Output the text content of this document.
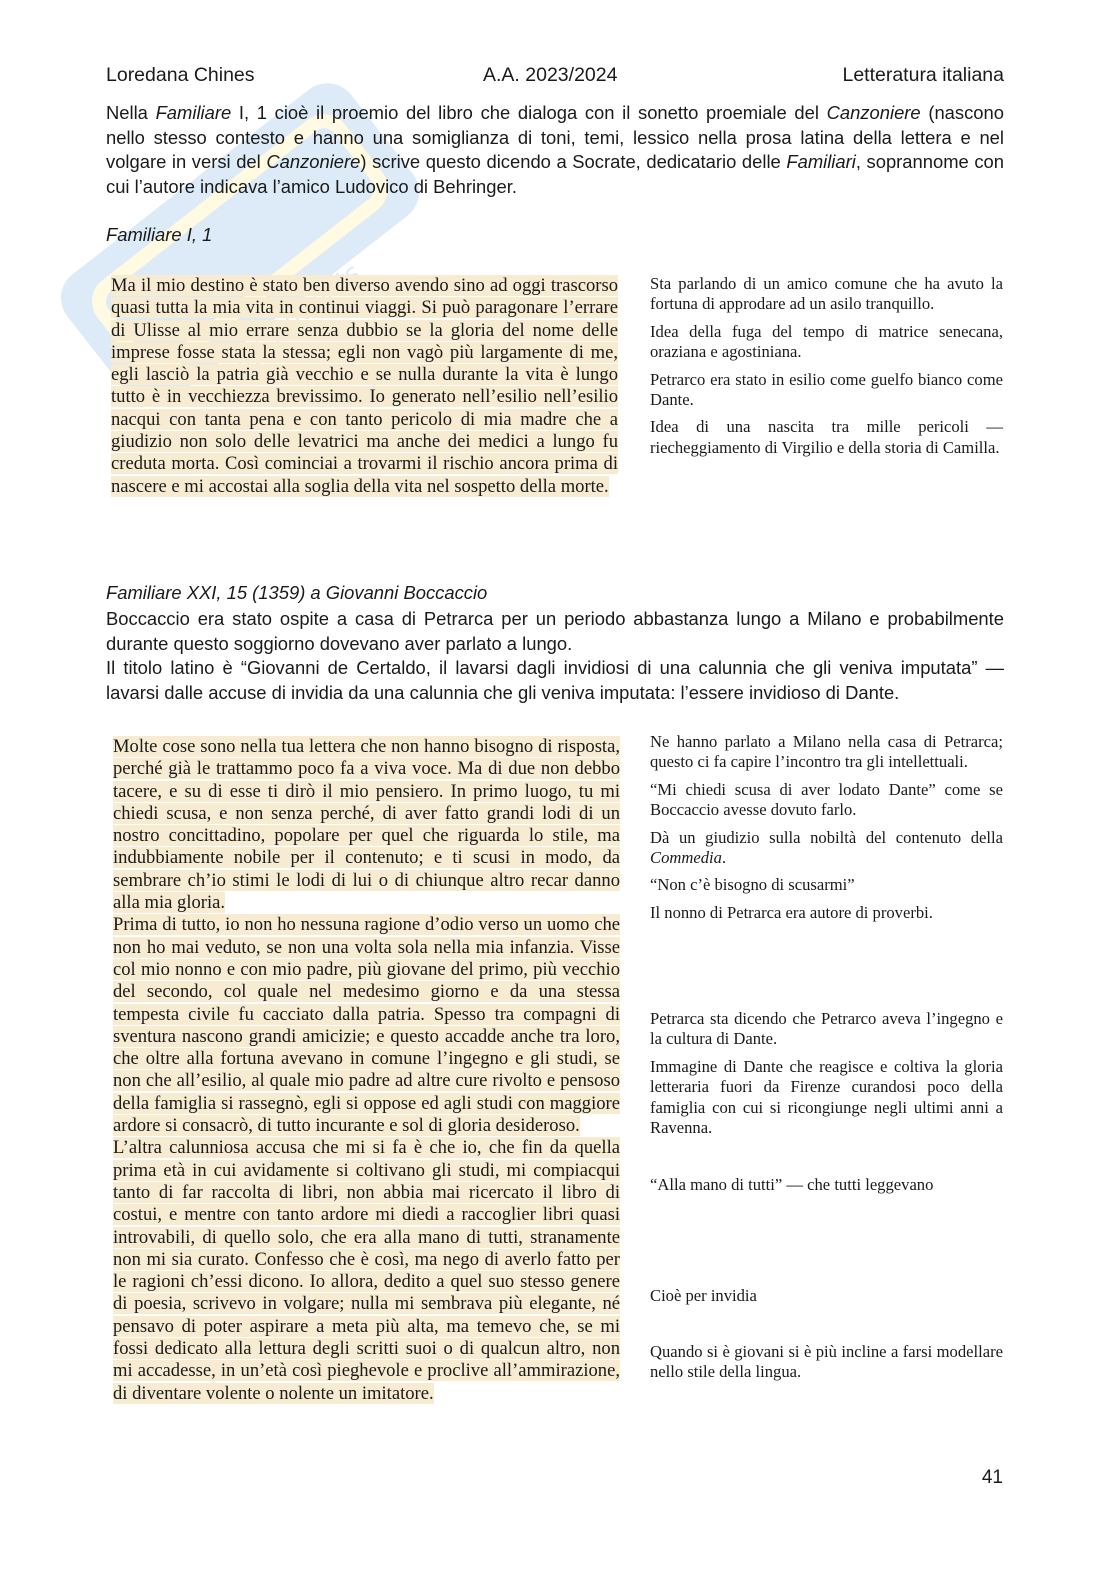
Loredana Chines	A.A. 2023/2024	Letteratura italiana
Nella Familiare I, 1 cioè il proemio del libro che dialoga con il sonetto proemiale del Canzoniere (nascono nello stesso contesto e hanno una somiglianza di toni, temi, lessico nella prosa latina della lettera e nel volgare in versi del Canzoniere) scrive questo dicendo a Socrate, dedicatario delle Familiari, soprannome con cui l’autore indicava l’amico Ludovico di Behringer.
Familiare I, 1
Ma il mio destino è stato ben diverso avendo sino ad oggi trascorso quasi tutta la mia vita in continui viaggi. Si può paragonare l’errare di Ulisse al mio errare senza dubbio se la gloria del nome delle imprese fosse stata la stessa; egli non vagò più largamente di me, egli lasciò la patria già vecchio e se nulla durante la vita è lungo tutto è in vecchiezza brevissimo. Io generato nell’esilio nell’esilio nacqui con tanta pena e con tanto pericolo di mia madre che a giudizio non solo delle levatrici ma anche dei medici a lungo fu creduta morta. Così cominciai a trovarmi il rischio ancora prima di nascere e mi accostai alla soglia della vita nel sospetto della morte.

Sta parlando di un amico comune che ha avuto la fortuna di approdare ad un asilo tranquillo.

Idea della fuga del tempo di matrice senecana, oraziana e agostiniana.

Petrarco era stato in esilio come guelfo bianco come Dante.

Idea di una nascita tra mille pericoli — riecheggiamento di Virgilio e della storia di Camilla.

Familiare XXI, 15 (1359) a Giovanni Boccaccio
Boccaccio era stato ospite a casa di Petrarca per un periodo abbastanza lungo a Milano e probabilmente durante questo soggiorno dovevano aver parlato a lungo.
Il titolo latino è “Giovanni de Certaldo, il lavarsi dagli invidiosi di una calunnia che gli veniva imputata” — lavarsi dalle accuse di invidia da una calunnia che gli veniva imputata: l’essere invidioso di Dante.
Molte cose sono nella tua lettera che non hanno bisogno di risposta, perché già le trattammo poco fa a viva voce. Ma di due non debbo tacere, e su di esse ti dirò il mio pensiero. In primo luogo, tu mi chiedi scusa, e non senza perché, di aver fatto grandi lodi di un nostro concittadino, popolare per quel che riguarda lo stile, ma indubbiamente nobile per il contenuto; e ti scusi in modo, da sembrare ch’io stimi le lodi di lui o di chiunque altro recar danno alla mia gloria.
Prima di tutto, io non ho nessuna ragione d’odio verso un uomo che non ho mai veduto, se non una volta sola nella mia infanzia. Visse col mio nonno e con mio padre, più giovane del primo, più vecchio del secondo, col quale nel medesimo giorno e da una stessa tempesta civile fu cacciato dalla patria. Spesso tra compagni di sventura nascono grandi amicizie; e questo accadde anche tra loro, che oltre alla fortuna avevano in comune l’ingegno e gli studi, se non che all’esilio, al quale mio padre ad altre cure rivolto e pensoso della famiglia si rassegnò, egli si oppose ed agli studi con maggiore ardore si consacrò, di tutto incurante e sol di gloria desideroso.
L’altra calunniosa accusa che mi si fa è che io, che fin da quella prima età in cui avidamente si coltivano gli studi, mi compiacqui tanto di far raccolta di libri, non abbia mai ricercato il libro di costui, e mentre con tanto ardore mi diedi a raccoglier libri quasi introvabili, di quello solo, che era alla mano di tutti, stranamente non mi sia curato. Confesso che è così, ma nego di averlo fatto per le ragioni ch’essi dicono. Io allora, dedito a quel suo stesso genere di poesia, scrivevo in volgare; nulla mi sembrava più elegante, né pensavo di poter aspirare a meta più alta, ma temevo che, se mi fossi dedicato alla lettura degli scritti suoi o di qualcun altro, non mi accadesse, in un’età così pieghevole e proclive all’ammirazione, di diventare volente o nolente un imitatore.

Ne hanno parlato a Milano nella casa di Petrarca; questo ci fa capire l’incontro tra gli intellettuali.

“Mi chiedi scusa di aver lodato Dante” come se Boccaccio avesse dovuto farlo.

Dà un giudizio sulla nobiltà del contenuto della Commedia.

“Non c’è bisogno di scusarmi”

Il nonno di Petrarca era autore di proverbi.

Petrarca sta dicendo che Petrarco aveva l’ingegno e la cultura di Dante.

Immagine di Dante che reagisce e coltiva la gloria letteraria fuori da Firenze curandosi poco della famiglia con cui si ricongiunge negli ultimi anni a Ravenna.

“Alla mano di tutti” — che tutti leggevano
Cioè per invidia
Quando si è giovani si è più incline a farsi modellare nello stile della lingua.
41
